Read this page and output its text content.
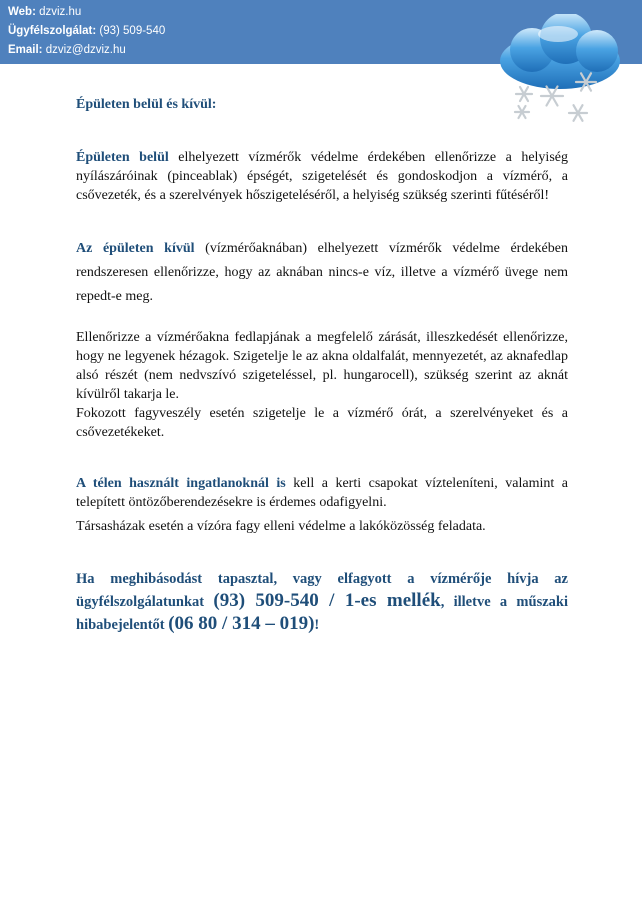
Web: dzviz.hu
Ügyfélszolgálat: (93) 509-540
Email: dzviz@dzviz.hu
Épületen belül és kívül:

Épületen belül elhelyezett vízmérők védelme érdekében ellenőrizze a helyiség nyílászáróinak (pinceablak) épségét, szigetelését és gondoskodjon a vízmérő, a csővezeték, és a szerelvények hőszigeteléséről, a helyiség szükség szerinti fűtéséről!

Az épületen kívül (vízmérőaknában) elhelyezett vízmérők védelme érdekében rendszeresen ellenőrizze, hogy az aknában nincs-e víz, illetve a vízmérő üvege nem repedt-e meg.

Ellenőrizze a vízmérőakna fedlapjának a megfelelő zárását, illeszkedését ellenőrizze, hogy ne legyenek hézagok. Szigetelje le az akna oldalfalát, mennyezetét, az aknafedlap alsó részét (nem nedvszívó szigeteléssel, pl. hungarocell), szükség szerint az aknát kívülről takarja le.

Fokozott fagyveszély esetén szigetelje le a vízmérő órát, a szerelvényeket és a csővezetékeket.

A télen használt ingatlanoknál is kell a kerti csapokat vízteleníteni, valamint a telepített öntözőberendezésekre is érdemes odafigyelni.

Társasházak esetén a vízóra fagy elleni védelme a lakóközösség feladata.

Ha meghibásodást tapasztal, vagy elfagyott a vízmérője hívja az ügyfélszolgálatunkat (93) 509-540 / 1-es mellék, illetve a műszaki hibabejelentőt (06 80 / 314 – 019)!
